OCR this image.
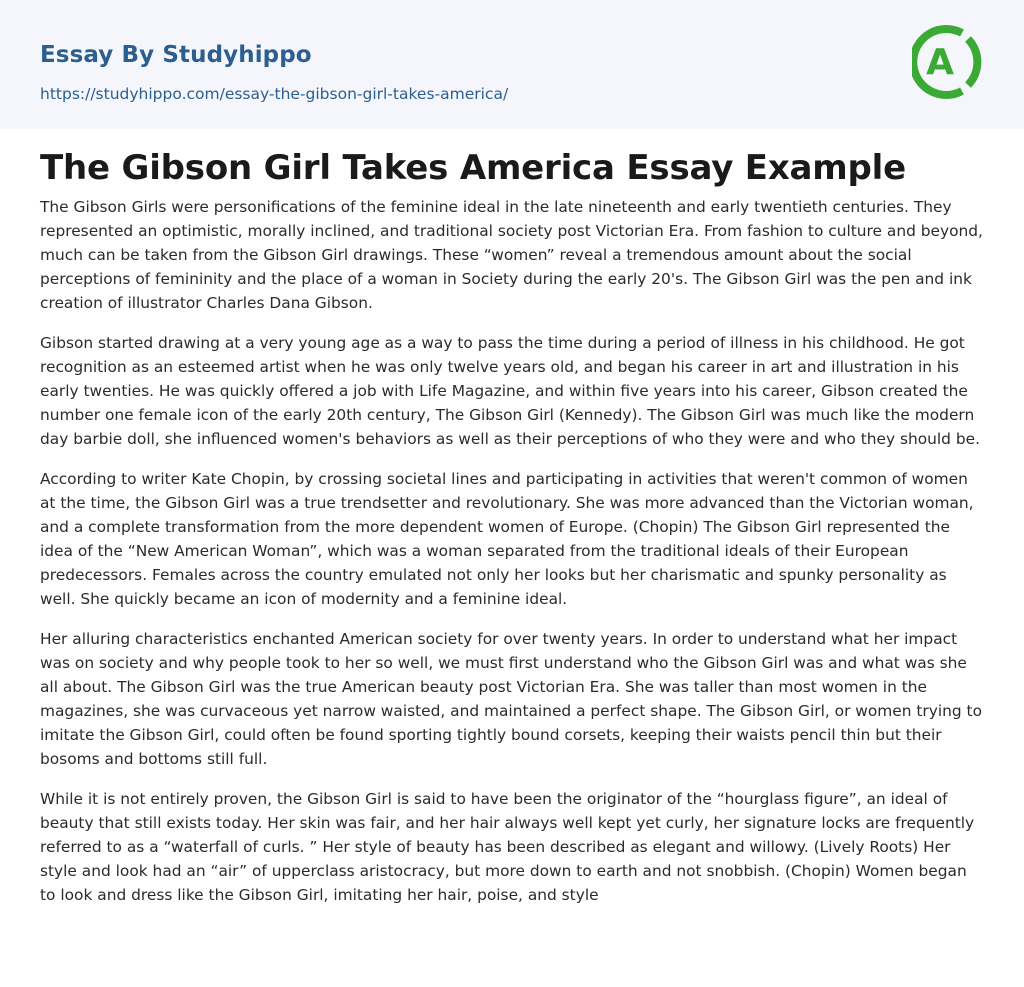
Essay By Studyhippo
https://studyhippo.com/essay-the-gibson-girl-takes-america/
A
The Gibson Girl Takes America Essay Example

The Gibson Girls were personifications of the feminine ideal in the late nineteenth and early twentieth centuries. They represented an optimistic, morally inclined, and traditional society post Victorian Era. From fashion to culture and beyond, much can be taken from the Gibson Girl drawings. These “women” reveal a tremendous amount about the social perceptions of femininity and the place of a woman in Society during the early 20's. The Gibson Girl was the pen and ink creation of illustrator Charles Dana Gibson.

Gibson started drawing at a very young age as a way to pass the time during a period of illness in his childhood. He got recognition as an esteemed artist when he was only twelve years old, and began his career in art and illustration in his early twenties. He was quickly offered a job with Life Magazine, and within five years into his career, Gibson created the number one female icon of the early 20th century, The Gibson Girl (Kennedy). The Gibson Girl was much like the modern day barbie doll, she influenced women's behaviors as well as their perceptions of who they were and who they should be.

According to writer Kate Chopin, by crossing societal lines and participating in activities that weren't common of women at the time, the Gibson Girl was a true trendsetter and revolutionary. She was more advanced than the Victorian woman, and a complete transformation from the more dependent women of Europe. (Chopin) The Gibson Girl represented the idea of the “New American Woman”, which was a woman separated from the traditional ideals of their European predecessors. Females across the country emulated not only her looks but her charismatic and spunky personality as well. She quickly became an icon of modernity and a feminine ideal.

Her alluring characteristics enchanted American society for over twenty years. In order to understand what her impact was on society and why people took to her so well, we must first understand who the Gibson Girl was and what was she all about. The Gibson Girl was the true American beauty post Victorian Era. She was taller than most women in the magazines, she was curvaceous yet narrow waisted, and maintained a perfect shape. The Gibson Girl, or women trying to imitate the Gibson Girl, could often be found sporting tightly bound corsets, keeping their waists pencil thin but their bosoms and bottoms still full.

While it is not entirely proven, the Gibson Girl is said to have been the originator of the “hourglass figure”, an ideal of beauty that still exists today. Her skin was fair, and her hair always well kept yet curly, her signature locks are frequently referred to as a “waterfall of curls. ” Her style of beauty has been described as elegant and willowy. (Lively Roots) Her style and look had an “air” of upperclass aristocracy, but more down to earth and not snobbish. (Chopin) Women began to look and dress like the Gibson Girl, imitating her hair, poise, and style
